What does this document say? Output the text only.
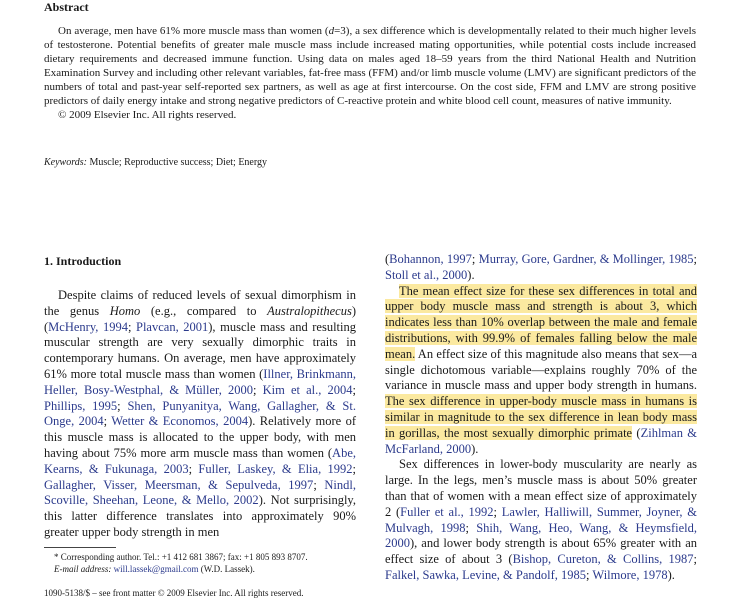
Abstract

On average, men have 61% more muscle mass than women (d=3), a sex difference which is developmentally related to their much higher levels of testosterone. Potential benefits of greater male muscle mass include increased mating opportunities, while potential costs include increased dietary requirements and decreased immune function. Using data on males aged 18–59 years from the third National Health and Nutrition Examination Survey and including other relevant variables, fat-free mass (FFM) and/or limb muscle volume (LMV) are significant predictors of the numbers of total and past-year self-reported sex partners, as well as age at first intercourse. On the cost side, FFM and LMV are strong positive predictors of daily energy intake and strong negative predictors of C-reactive protein and white blood cell count, measures of native immunity.

© 2009 Elsevier Inc. All rights reserved.

Keywords: Muscle; Reproductive success; Diet; Energy
1. Introduction

Despite claims of reduced levels of sexual dimorphism in the genus Homo (e.g., compared to Australopithecus) (McHenry, 1994; Plavcan, 2001), muscle mass and resulting muscular strength are very sexually dimorphic traits in contemporary humans. On average, men have approximately 61% more total muscle mass than women (Illner, Brinkmann, Heller, Bosy-Westphal, & Müller, 2000; Kim et al., 2004; Phillips, 1995; Shen, Punyanitya, Wang, Gallagher, & St. Onge, 2004; Wetter & Economos, 2004). Relatively more of this muscle mass is allocated to the upper body, with men having about 75% more arm muscle mass than women (Abe, Kearns, & Fukunaga, 2003; Fuller, Laskey, & Elia, 1992; Gallagher, Visser, Meersman, & Sepulveda, 1997; Nindl, Scoville, Sheehan, Leone, & Mello, 2002). Not surprisingly, this latter difference translates into approximately 90% greater upper body strength in men

(Bohannon, 1997; Murray, Gore, Gardner, & Mollinger, 1985; Stoll et al., 2000).

The mean effect size for these sex differences in total and upper body muscle mass and strength is about 3, which indicates less than 10% overlap between the male and female distributions, with 99.9% of females falling below the male mean. An effect size of this magnitude also means that sex—a single dichotomous variable—explains roughly 70% of the variance in muscle mass and upper body strength in humans. The sex difference in upper-body muscle mass in humans is similar in magnitude to the sex difference in lean body mass in gorillas, the most sexually dimorphic primate (Zihlman & McFarland, 2000).

Sex differences in lower-body muscularity are nearly as large. In the legs, men’s muscle mass is about 50% greater than that of women with a mean effect size of approximately 2 (Fuller et al., 1992; Lawler, Halliwill, Summer, Joyner, & Mulvagh, 1998; Shih, Wang, Heo, Wang, & Heymsfield, 2000), and lower body strength is about 65% greater with an effect size of about 3 (Bishop, Cureton, & Collins, 1987; Falkel, Sawka, Levine, & Pandolf, 1985; Wilmore, 1978).

* Corresponding author. Tel.: +1 412 681 3867; fax: +1 805 893 8707.

E-mail address: will.lassek@gmail.com (W.D. Lassek).

1090-5138/$ – see front matter © 2009 Elsevier Inc. All rights reserved.
